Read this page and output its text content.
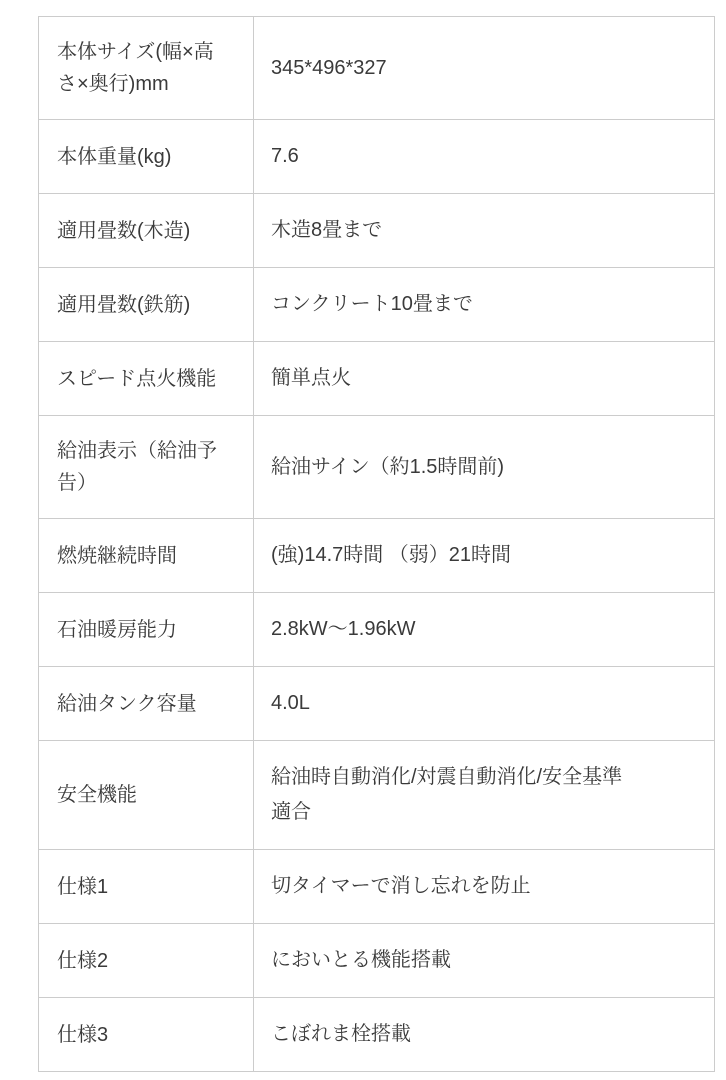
本体サイズ(幅×高さ×奥行)mm	345*496*327
本体重量(kg)	7.6
適用畳数(木造)	木造8畳まで
適用畳数(鉄筋)	コンクリート10畳まで
スピード点火機能	簡単点火
給油表示（給油予告）	給油サイン（約1.5時間前)
燃焼継続時間	(強)14.7時間 （弱）21時間
石油暖房能力	2.8kW〜1.96kW
給油タンク容量	4.0L
安全機能	給油時自動消化/対震自動消化/安全基準適合
仕様1	切タイマーで消し忘れを防止
仕様2	においとる機能搭載
仕様3	こぼれま栓搭載
